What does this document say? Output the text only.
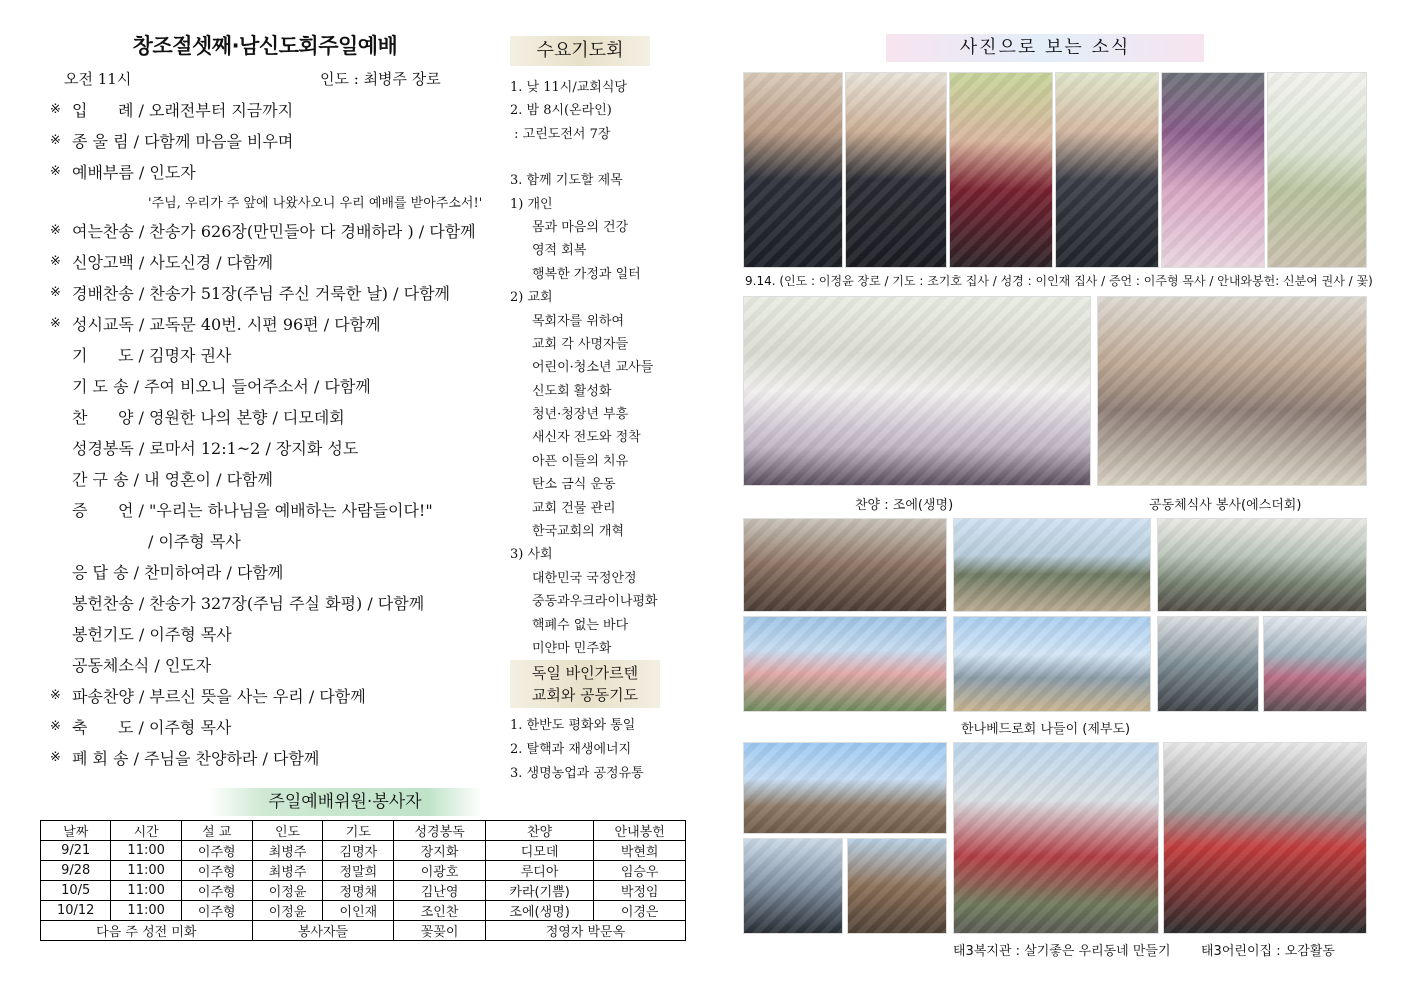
창조절셋째·남신도회주일예배
오전 11시	인도 : 최병주 장로
※ 입      례 / 오래전부터 지금까지
※ 종 울 림 / 다함께 마음을 비우며
※ 예배부름 / 인도자
'주님, 우리가 주 앞에 나왔사오니 우리 예배를 받아주소서!'
※ 여는찬송 / 찬송가 626장(만민들아 다 경배하라 ) / 다함께
※ 신앙고백 / 사도신경 / 다함께
※ 경배찬송 / 찬송가 51장(주님 주신 거룩한 날) / 다함께
※ 성시교독 / 교독문 40번. 시편 96편 / 다함께
기      도 / 김명자 권사
기 도 송 / 주여 비오니 들어주소서 / 다함께
찬      양 / 영원한 나의 본향 / 디모데회
성경봉독 / 로마서 12:1~2 / 장지화 성도
간 구 송 / 내 영혼이 / 다함께
증      언 / "우리는 하나님을 예배하는 사람들이다!"
/ 이주형 목사
응 답 송 / 찬미하여라 / 다함께
봉헌찬송 / 찬송가 327장(주님 주실 화평) / 다함께
봉헌기도 / 이주형 목사
공동체소식 / 인도자
※ 파송찬양 / 부르신 뜻을 사는 우리 / 다함께
※ 축      도 / 이주형 목사
※ 폐 회 송 / 주님을 찬양하라 / 다함께
주일예배위원·봉사자
날짜	시간	설 교	인도	기도	성경봉독	찬양	안내봉헌
9/21	11:00	이주형	최병주	김명자	장지화	디모데	박현희
9/28	11:00	이주형	최병주	정말희	이광호	루디아	임승우
10/5	11:00	이주형	이정윤	정명채	김난영	카라(기쁨)	박정임
10/12	11:00	이주형	이정윤	이인재	조인찬	조에(생명)	이경은
다음 주 성전 미화			봉사자들		꽃꽂이	정영자 박문옥	
수요기도회
1. 낮 11시/교회식당
2. 밤 8시(온라인)
: 고린도전서 7장
3. 함께 기도할 제목
1) 개인
몸과 마음의 건강
영적 회복
행복한 가정과 일터
2) 교회
목회자를 위하여
교회 각 사명자들
어린이·청소년 교사들
신도회 활성화
청년·청장년 부흥
새신자 전도와 정착
아픈 이들의 치유
탄소 금식 운동
교회 건물 관리
한국교회의 개혁
3) 사회
대한민국 국정안정
중동과우크라이나평화
핵폐수 없는 바다
미얀마 민주화
독일 바인가르텐
교회와 공동기도
1. 한반도 평화와 통일
2. 탈핵과 재생에너지
3. 생명농업과 공정유통
사진으로 보는 소식
9.14. (인도 : 이정윤 장로 / 기도 : 조기호 집사 / 성경 : 이인재 집사 / 증언 : 이주형 목사 / 안내와봉헌: 신분여 권사 / 꽃)
찬양 : 조에(생명)	공동체식사 봉사(에스더회)
한나베드로회 나들이 (제부도)
태3복지관 : 살기좋은 우리동네 만들기 태3어린이집 : 오감활동
